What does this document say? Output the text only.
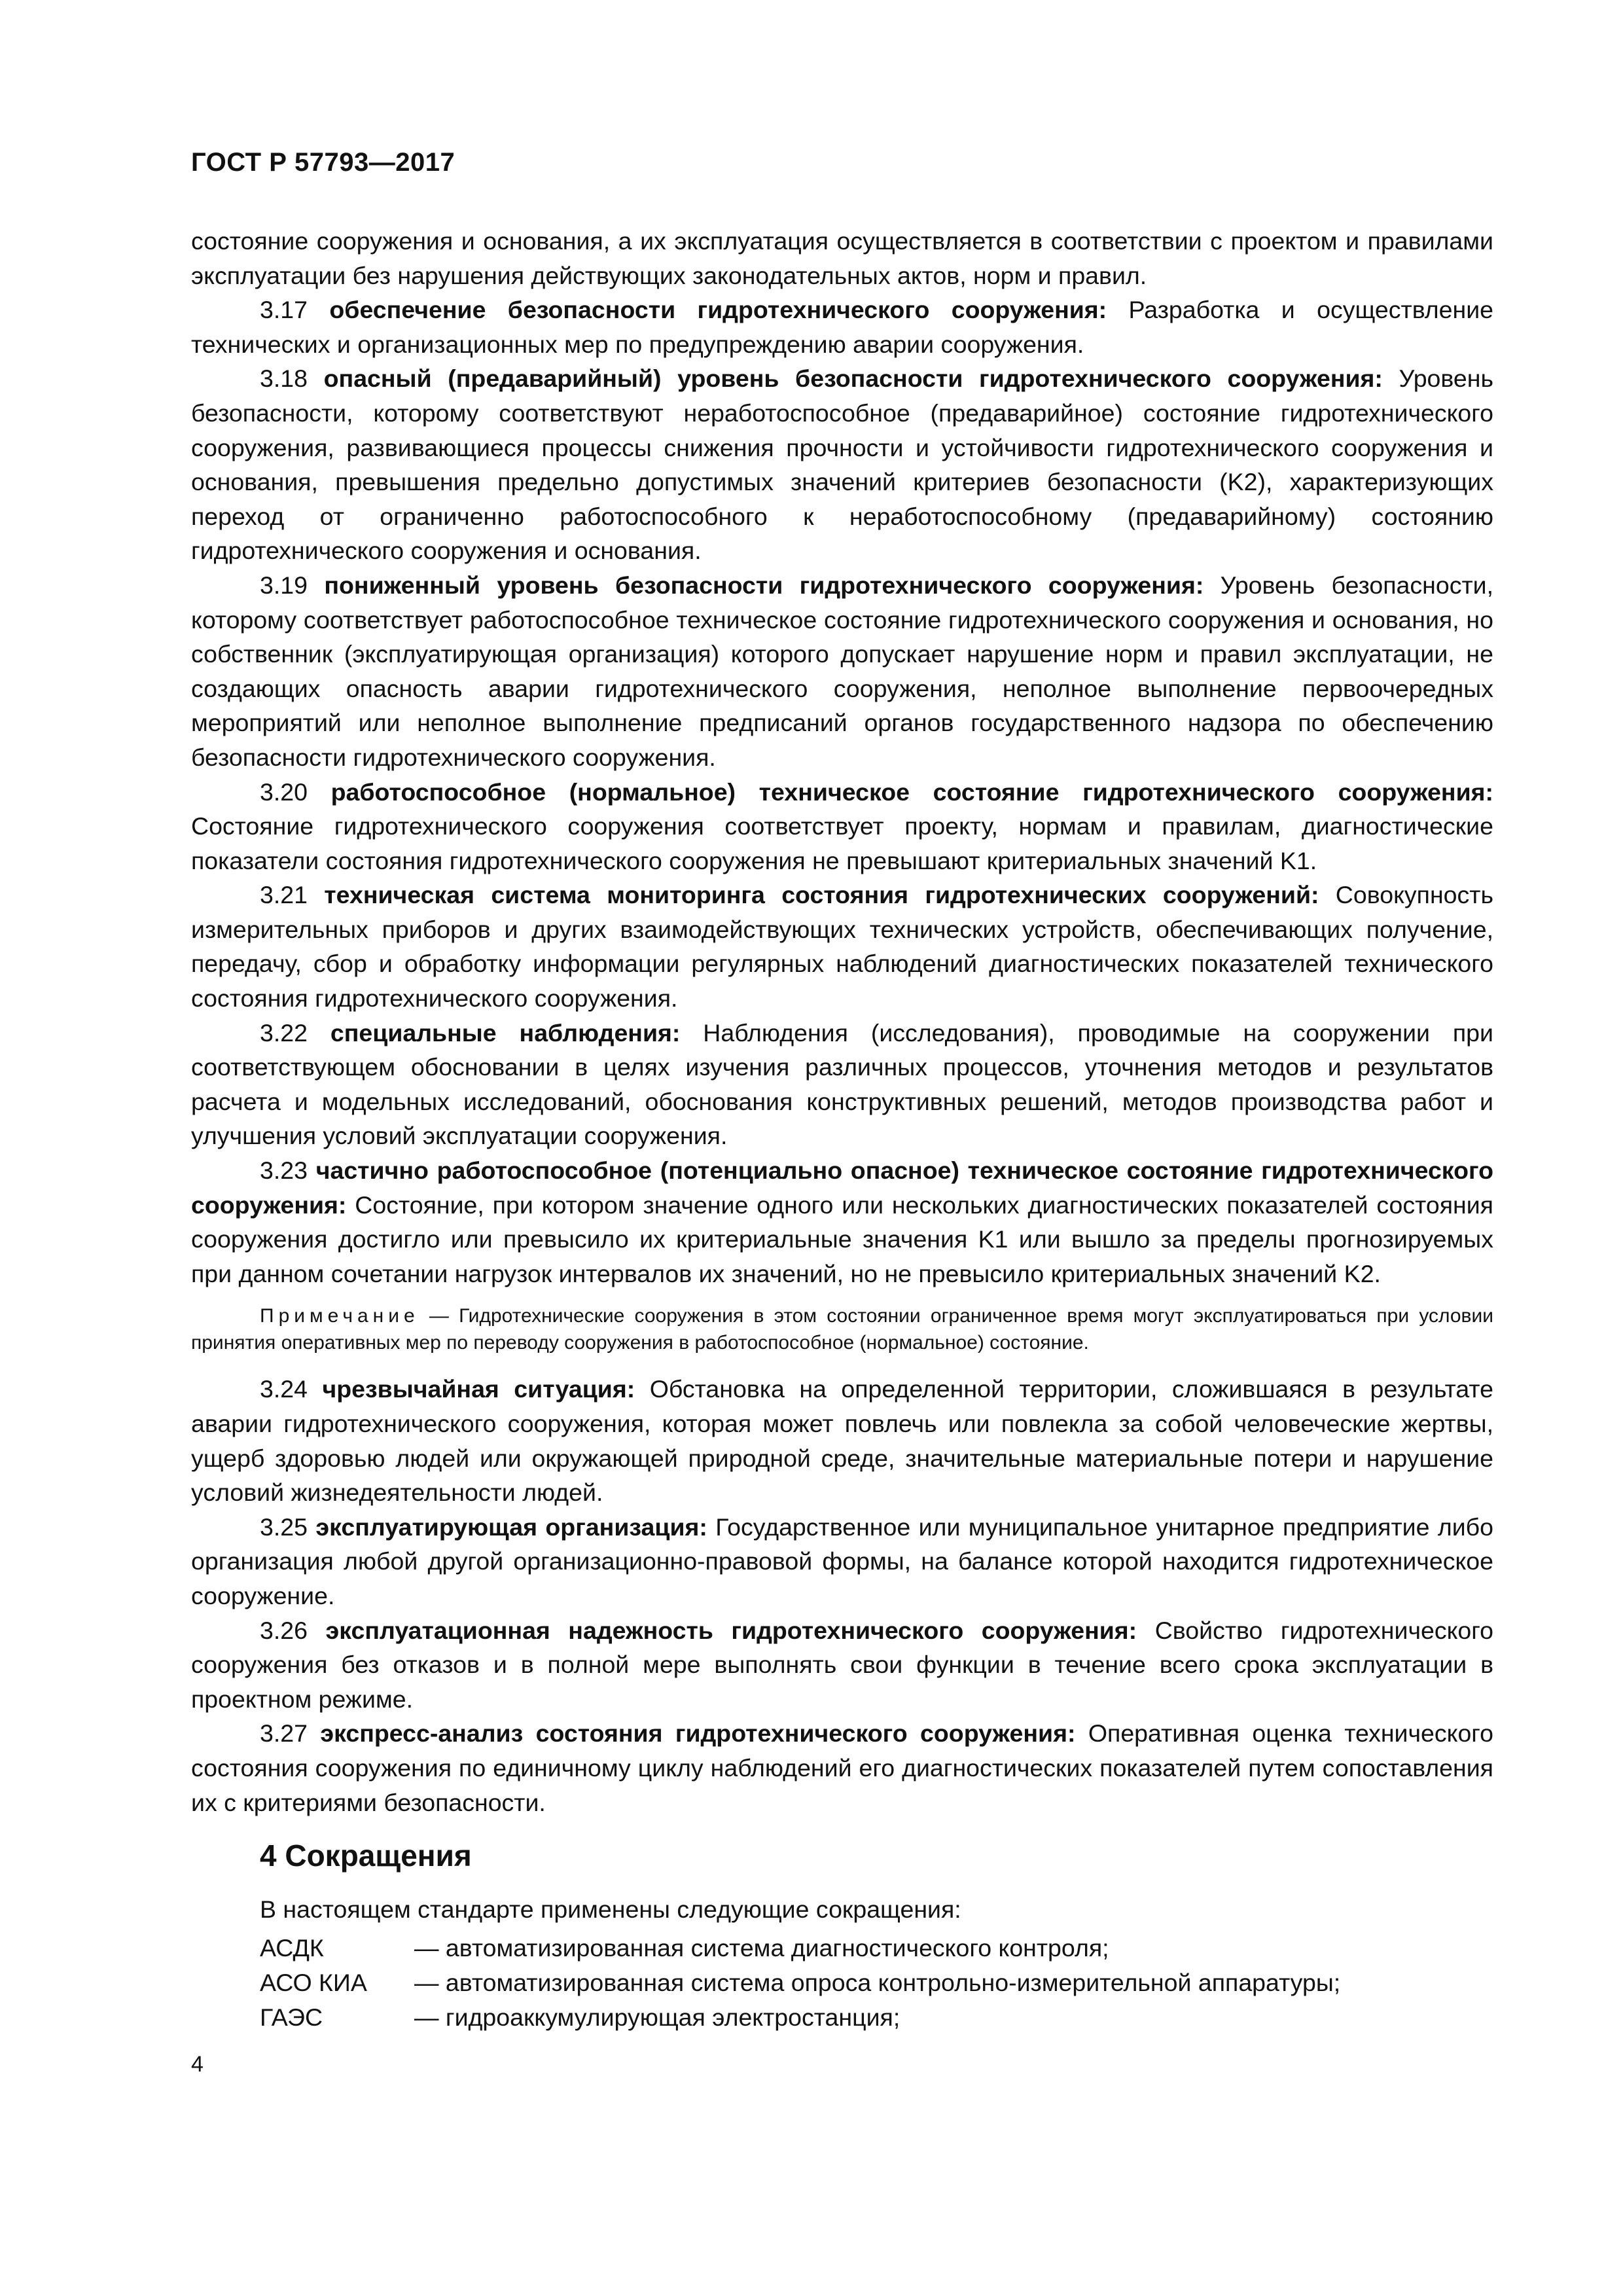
ГОСТ Р 57793—2017

состояние сооружения и основания, а их эксплуатация осуществляется в соответствии с проектом и правилами эксплуатации без нарушения действующих законодательных актов, норм и правил.

3.17 обеспечение безопасности гидротехнического сооружения: Разработка и осуществление технических и организационных мер по предупреждению аварии сооружения.

3.18 опасный (предаварийный) уровень безопасности гидротехнического сооружения: Уровень безопасности, которому соответствуют неработоспособное (предаварийное) состояние гидротехнического сооружения, развивающиеся процессы снижения прочности и устойчивости гидротехнического сооружения и основания, превышения предельно допустимых значений критериев безопасности (K2), характеризующих переход от ограниченно работоспособного к неработоспособному (предаварийному) состоянию гидротехнического сооружения и основания.

3.19 пониженный уровень безопасности гидротехнического сооружения: Уровень безопасности, которому соответствует работоспособное техническое состояние гидротехнического сооружения и основания, но собственник (эксплуатирующая организация) которого допускает нарушение норм и правил эксплуатации, не создающих опасность аварии гидротехнического сооружения, неполное выполнение первоочередных мероприятий или неполное выполнение предписаний органов государственного надзора по обеспечению безопасности гидротехнического сооружения.

3.20 работоспособное (нормальное) техническое состояние гидротехнического сооружения: Состояние гидротехнического сооружения соответствует проекту, нормам и правилам, диагностические показатели состояния гидротехнического сооружения не превышают критериальных значений K1.

3.21 техническая система мониторинга состояния гидротехнических сооружений: Совокупность измерительных приборов и других взаимодействующих технических устройств, обеспечивающих получение, передачу, сбор и обработку информации регулярных наблюдений диагностических показателей технического состояния гидротехнического сооружения.

3.22 специальные наблюдения: Наблюдения (исследования), проводимые на сооружении при соответствующем обосновании в целях изучения различных процессов, уточнения методов и результатов расчета и модельных исследований, обоснования конструктивных решений, методов производства работ и улучшения условий эксплуатации сооружения.

3.23 частично работоспособное (потенциально опасное) техническое состояние гидротехнического сооружения: Состояние, при котором значение одного или нескольких диагностических показателей состояния сооружения достигло или превысило их критериальные значения K1 или вышло за пределы прогнозируемых при данном сочетании нагрузок интервалов их значений, но не превысило критериальных значений K2.

Примечание — Гидротехнические сооружения в этом состоянии ограниченное время могут эксплуатироваться при условии принятия оперативных мер по переводу сооружения в работоспособное (нормальное) состояние.

3.24 чрезвычайная ситуация: Обстановка на определенной территории, сложившаяся в результате аварии гидротехнического сооружения, которая может повлечь или повлекла за собой человеческие жертвы, ущерб здоровью людей или окружающей природной среде, значительные материальные потери и нарушение условий жизнедеятельности людей.

3.25 эксплуатирующая организация: Государственное или муниципальное унитарное предприятие либо организация любой другой организационно-правовой формы, на балансе которой находится гидротехническое сооружение.

3.26 эксплуатационная надежность гидротехнического сооружения: Свойство гидротехнического сооружения без отказов и в полной мере выполнять свои функции в течение всего срока эксплуатации в проектном режиме.

3.27 экспресс-анализ состояния гидротехнического сооружения: Оперативная оценка технического состояния сооружения по единичному циклу наблюдений его диагностических показателей путем сопоставления их с критериями безопасности.

4 Сокращения
В настоящем стандарте применены следующие сокращения:
АСДК	— автоматизированная система диагностического контроля;
АСО КИА	— автоматизированная система опроса контрольно-измерительной аппаратуры;
ГАЭС	— гидроаккумулирующая электростанция;
4
